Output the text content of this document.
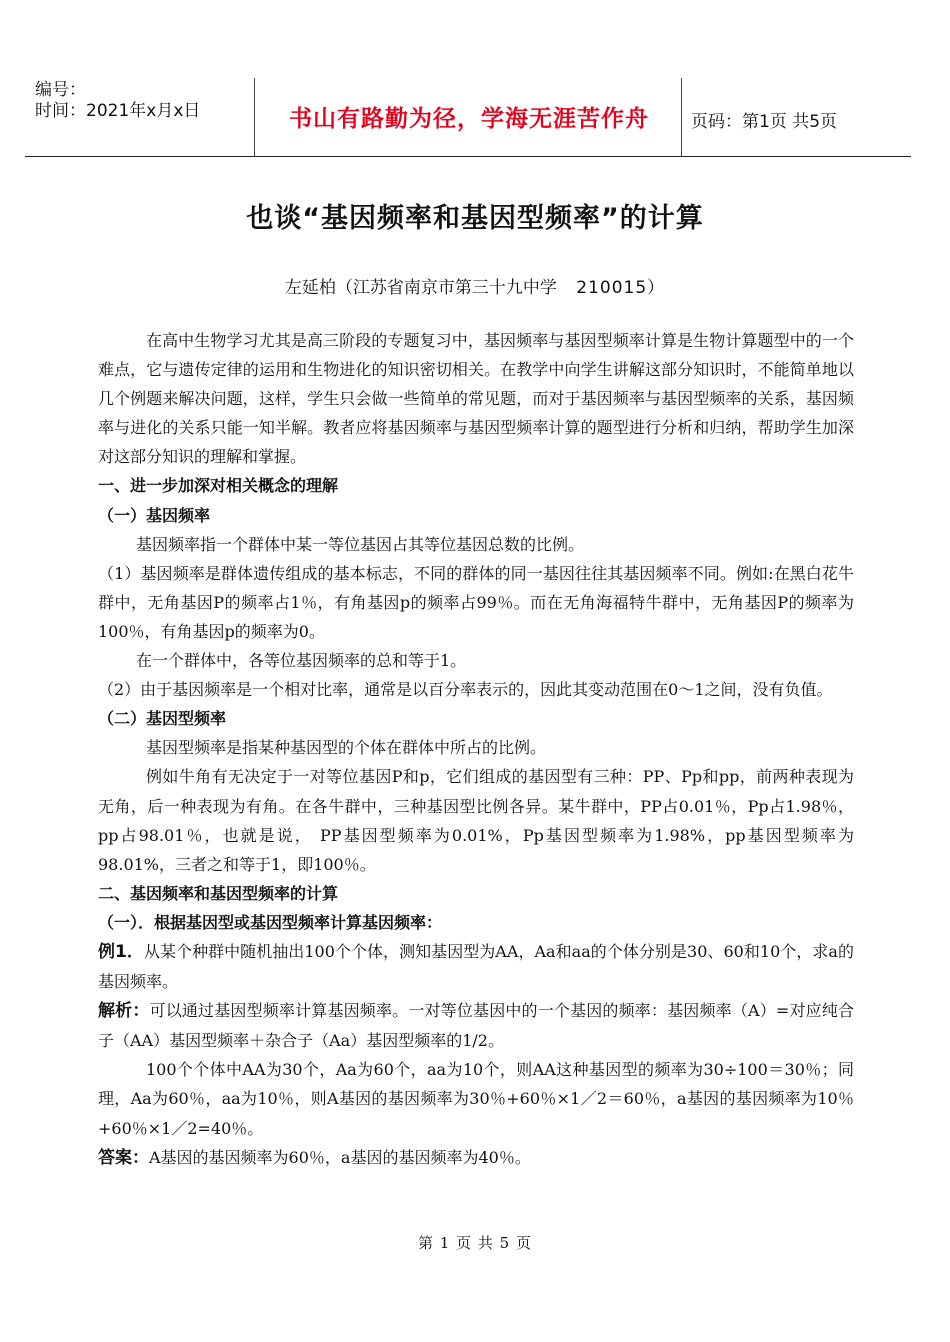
编号：
时间：2021年x月x日	书山有路勤为径，学海无涯苦作舟	页码：第1页 共5页
也谈“基因频率和基因型频率”的计算
左延柏（江苏省南京市第三十九中学 210015）

在高中生物学习尤其是高三阶段的专题复习中，基因频率与基因型频率计算是生物计算题型中的一个难点，它与遗传定律的运用和生物进化的知识密切相关。在教学中向学生讲解这部分知识时，不能简单地以几个例题来解决问题，这样，学生只会做一些简单的常见题，而对于基因频率与基因型频率的关系，基因频率与进化的关系只能一知半解。教者应将基因频率与基因型频率计算的题型进行分析和归纳，帮助学生加深对这部分知识的理解和掌握。

一、进一步加深对相关概念的理解

（一）基因频率

基因频率指一个群体中某一等位基因占其等位基因总数的比例。

（1）基因频率是群体遗传组成的基本标志，不同的群体的同一基因往往其基因频率不同。例如:在黑白花牛群中，无角基因P的频率占1％，有角基因p的频率占99％。而在无角海福特牛群中，无角基因P的频率为100％，有角基因p的频率为0。

在一个群体中，各等位基因频率的总和等于1。

（2）由于基因频率是一个相对比率，通常是以百分率表示的，因此其变动范围在0～1之间，没有负值。

（二）基因型频率

基因型频率是指某种基因型的个体在群体中所占的比例。

例如牛角有无决定于一对等位基因P和p，它们组成的基因型有三种：PP、Pp和pp，前两种表现为无角，后一种表现为有角。在各牛群中，三种基因型比例各异。某牛群中，PP占0.01％，Pp占1.98％，pp占98.01％，也就是说， PP基因型频率为0.01%，Pp基因型频率为1.98%，pp基因型频率为98.01%，三者之和等于1，即100％。

二、基因频率和基因型频率的计算

（一）．根据基因型或基因型频率计算基因频率：

例1．从某个种群中随机抽出100个个体，测知基因型为AA，Aa和aa的个体分别是30、60和10个，求a的基因频率。

解析：可以通过基因型频率计算基因频率。一对等位基因中的一个基因的频率：基因频率（A）=对应纯合子（AA）基因型频率＋杂合子（Aa）基因型频率的1/2。

100个个体中AA为30个，Aa为60个，aa为10个，则AA这种基因型的频率为30÷100＝30％；同理，Aa为60％，aa为10％，则A基因的基因频率为30％+60％×1／2＝60％，a基因的基因频率为10％+60％×1／2=40％。

答案：A基因的基因频率为60％，a基因的基因频率为40％。

第 1 页 共 5 页
